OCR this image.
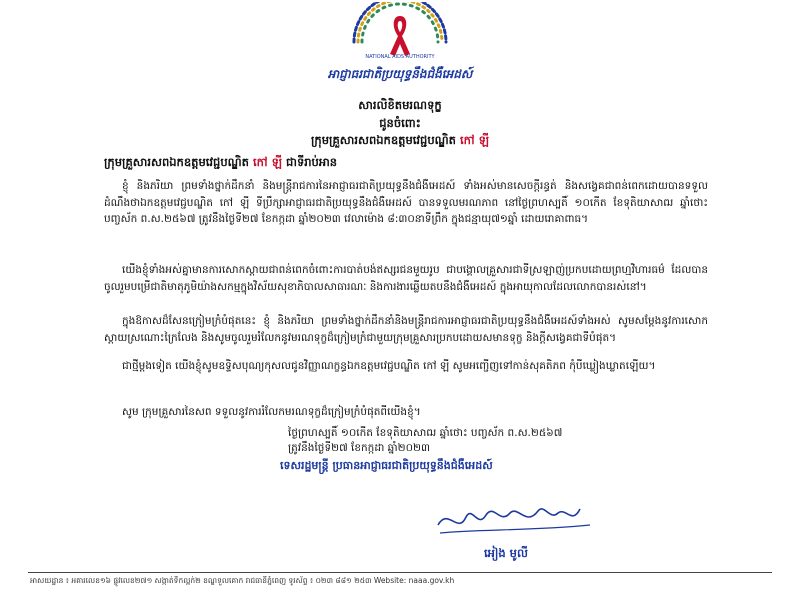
NATIONAL AIDS AUTHORITY
អាជ្ញាធរជាតិប្រយុទ្ធនឹងជំងឺអេដស៍
សារលិខិតមរណទុក្ខ
ជូនចំពោះ
ក្រុមគ្រួសារសពឯកឧត្តមវេជ្ជបណ្ឌិត កៅ ឡី
ក្រុមគ្រួសារសពឯកឧត្តមវេជ្ជបណ្ឌិត កៅ ឡី ជាទីរាប់អាន
ខ្ញុំ និងភរិយា ព្រមទាំងថ្នាក់ដឹកនាំ និងមន្ត្រីរាជការនៃអាជ្ញាធរជាតិប្រយុទ្ធនឹងជំងឺអេដស៍ ទាំងអស់មានសេចក្តីរន្ធត់ និងសង្វេគជាពន់ពេកដោយបានទទួលដំណឹងថាឯកឧត្តមវេជ្ជបណ្ឌិត កៅ ឡី ទីប្រឹក្សាអាជ្ញាធរជាតិប្រយុទ្ធនឹងជំងឺអេដស៍ បានទទួលមរណភាព នៅថ្ងៃព្រហស្បតិ៍ ១០កើត ខែទុតិយាសាឍ ឆ្នាំថោះ បញ្ចស័ក ព.ស.២៥៦៧ ត្រូវនឹងថ្ងៃទី២៧ ខែកក្កដា ឆ្នាំ២០២៣ វេលាម៉ោង ៨:៣០នាទីព្រឹក ក្នុងជន្មាយុ៧១ឆ្នាំ ដោយរោគាពាធ។
យើងខ្ញុំទាំងអស់គ្នាមានការសោកស្តាយជាពន់ពេកចំពោះការបាត់បង់ឥស្សរជនមួយរូប ជាបង្គោលគ្រួសារជាទីស្រឡាញ់ប្រកបដោយព្រហ្មវិហារធម៌ ដែលបានចូលរួមបម្រើជាតិមាតុភូមិយ៉ាងសកម្មក្នុងវិស័យសុខាភិបាលសាធារណៈ និងការងារឆ្លើយតបនឹងជំងឺអេដស៍ ក្នុងអាយុកាលដែលលោកបានរស់នៅ។
ក្នុងឱកាសដ៏សែនក្រៀមក្រំបំផុតនេះ ខ្ញុំ និងភរិយា ព្រមទាំងថ្នាក់ដឹកនាំនិងមន្ត្រីរាជការអាជ្ញាធរជាតិប្រយុទ្ធនឹងជំងឺអេដស៍ទាំងអស់ សូមសម្តែងនូវការសោកស្តាយស្រណោះក្រៃលែង និងសូមចូលរួមរំលែកនូវមរណទុក្ខដ៏ក្រៀមក្រំជាមួយក្រុមគ្រួសារប្រកបដោយសមានទុក្ខ និងក្តីសង្វេគជាទីបំផុត។
ជាថ្មីម្តងទៀត យើងខ្ញុំសូមឧទ្ទិសបុណ្យកុសលជូនវិញ្ញាណក្ខន្ធឯកឧត្តមវេជ្ជបណ្ឌិត កៅ ឡី សូមអញ្ជើញទៅកាន់សុគតិភព កុំបីឃ្លៀងឃ្លាតឡើយ។
សូម ក្រុមគ្រួសារនៃសព ទទួលនូវការរំលែកមរណទុក្ខដ៏ក្រៀមក្រំបំផុតពីយើងខ្ញុំ។
ថ្ងៃព្រហស្បតិ៍ ១០កើត ខែទុតិយាសាឍ ឆ្នាំថោះ បញ្ចស័ក ព.ស.២៥៦៧
ត្រូវនឹងថ្ងៃទី២៧ ខែកក្កដា ឆ្នាំ២០២៣
ទេសរដ្ឋមន្ត្រី ប្រធានអាជ្ញាធរជាតិប្រយុទ្ធនឹងជំងឺអេដស៍
អៀង មូលី
អាសយដ្ឋាន ៖ អគារលេខ១៦ ផ្លូវលេខ២៧១ សង្កាត់ទឹកល្អក់២ ខណ្ឌទួលគោក រាជធានីភ្នំពេញ ទូរស័ព្ទ ៖ ០២៣ ៨៨១ ២៥៣ Website: naaa.gov.kh
